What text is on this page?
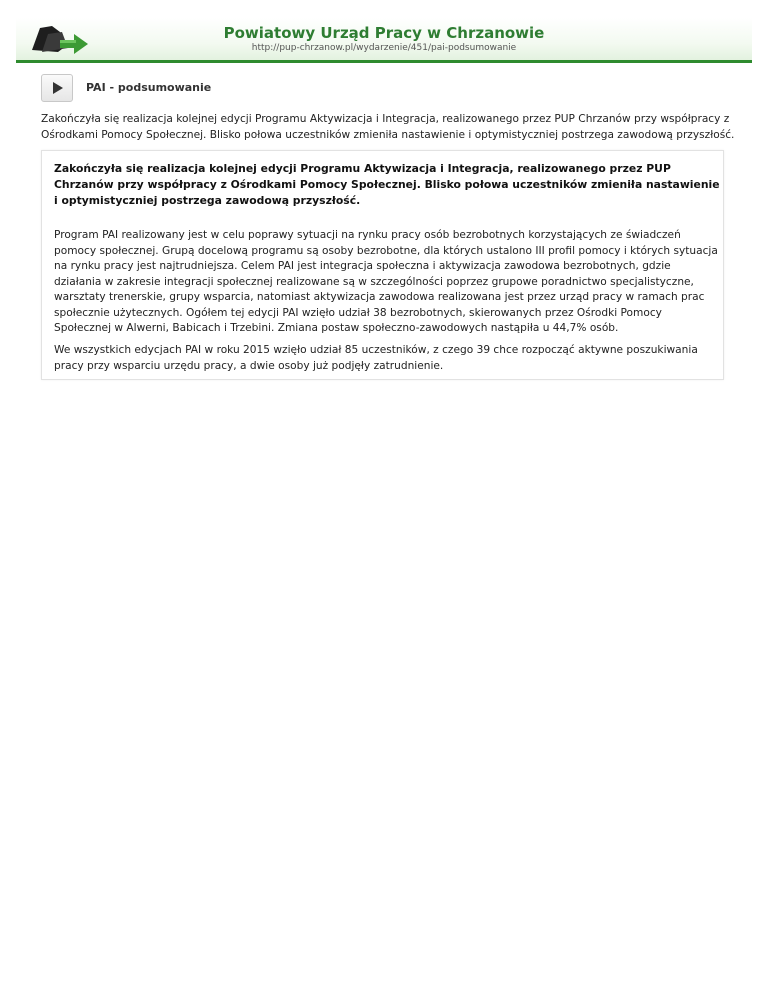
Powiatowy Urząd Pracy w Chrzanowie
http://pup-chrzanow.pl/wydarzenie/451/pai-podsumowanie
PAI - podsumowanie

Zakończyła się realizacja kolejnej edycji Programu Aktywizacja i Integracja, realizowanego przez PUP Chrzanów przy współpracy z Ośrodkami Pomocy Społecznej. Blisko połowa uczestników zmieniła nastawienie i optymistyczniej postrzega zawodową przyszłość.

Zakończyła się realizacja kolejnej edycji Programu Aktywizacja i Integracja, realizowanego przez PUP Chrzanów przy współpracy z Ośrodkami Pomocy Społecznej. Blisko połowa uczestników zmieniła nastawienie i optymistyczniej postrzega zawodową przyszłość.

Program PAI realizowany jest w celu poprawy sytuacji na rynku pracy osób bezrobotnych korzystających ze świadczeń pomocy społecznej. Grupą docelową programu są osoby bezrobotne, dla których ustalono III profil pomocy i których sytuacja na rynku pracy jest najtrudniejsza. Celem PAI jest integracja społeczna i aktywizacja zawodowa bezrobotnych, gdzie działania w zakresie integracji społecznej realizowane są w szczególności poprzez grupowe poradnictwo specjalistyczne, warsztaty trenerskie, grupy wsparcia, natomiast aktywizacja zawodowa realizowana jest przez urząd pracy w ramach prac społecznie użytecznych. Ogółem tej edycji PAI wzięło udział 38 bezrobotnych, skierowanych przez Ośrodki Pomocy Społecznej w Alwerni, Babicach i Trzebini. Zmiana postaw społeczno-zawodowych nastąpiła u 44,7% osób.

We wszystkich edycjach PAI w roku 2015 wzięło udział 85 uczestników, z czego 39 chce rozpocząć aktywne poszukiwania pracy przy wsparciu urzędu pracy, a dwie osoby już podjęły zatrudnienie.
